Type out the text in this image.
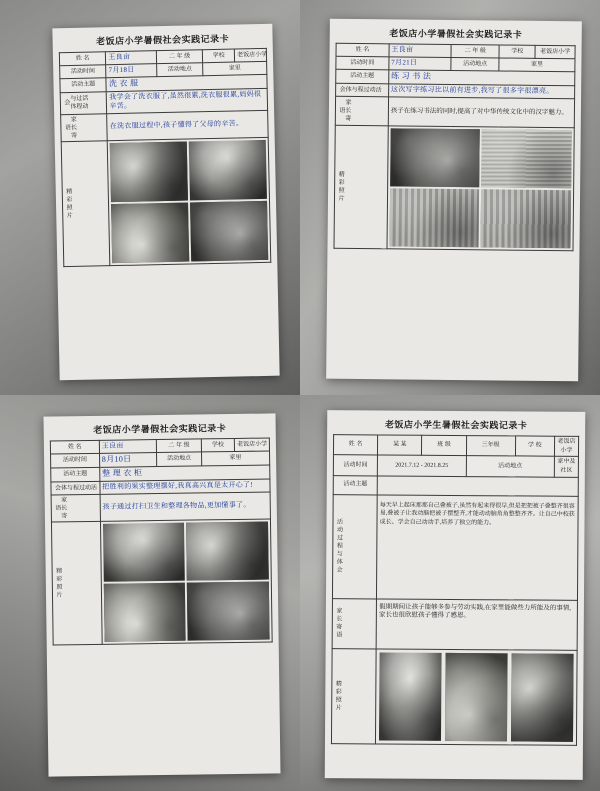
老饭店小学暑假社会实践记录卡
姓 名	王良亩	二 年 级	学校	老饭店小学
活动时间	7月18日	活动地点	家里	
活动主题	洗 衣 服			

活动过程与体会	我学会了洗衣服了,虽然很累,洗衣服很累,妈妈很辛苦。			

家长寄语	在洗衣服过程中,孩子懂得了父母的辛苦。			

精彩照片				

老饭店小学暑假社会实践记录卡
姓 名	王良亩	二 年 级	学校	老饭店小学
活动时间	7月21日	活动地点	家里	
活动主题	练 习 书 法			

活动过程与体会	这次写字练习比以前有进步,我写了很多字很漂亮。			

家长寄语	孩子在练习书法的同时,提高了对中华传统文化中的汉字魅力。			

精彩照片				

老饭店小学暑假社会实践记录卡
姓 名	王良亩	二 年 级	学校	老饭店小学
活动时间	8月10日	活动地点	家里	
活动主题	整 理 衣 柜			

活动过程与体会	把胜利的果实整理摆好,我真高兴真是太开心了!			

家长寄语	孩子通过打扫卫生和整理各物品,更加懂事了。			

精彩照片				

老饭店小学生暑假社会实践记录卡
姓 名	某 某	班 级	三年级	学 校	老饭店小学
活动时间	2021.7.12 - 2021.8.25		活动地点		家中及社区
活动主题					

活动过程与体会	每天早上起床那那自己叠被子,虽然有起来得很早,但是把把被子叠整齐很容易,叠被子让我动脑把被子摆整齐,才能动动脑角角整整齐齐。让自己中校获成长、学会自己动动手,培养了独立的能力。				

家长寄语	假期期间让孩子能够多参与劳动实践,在家里能做些力所能及的事情,家长也很欣慰孩子懂得了感恩。				

精彩照片					
